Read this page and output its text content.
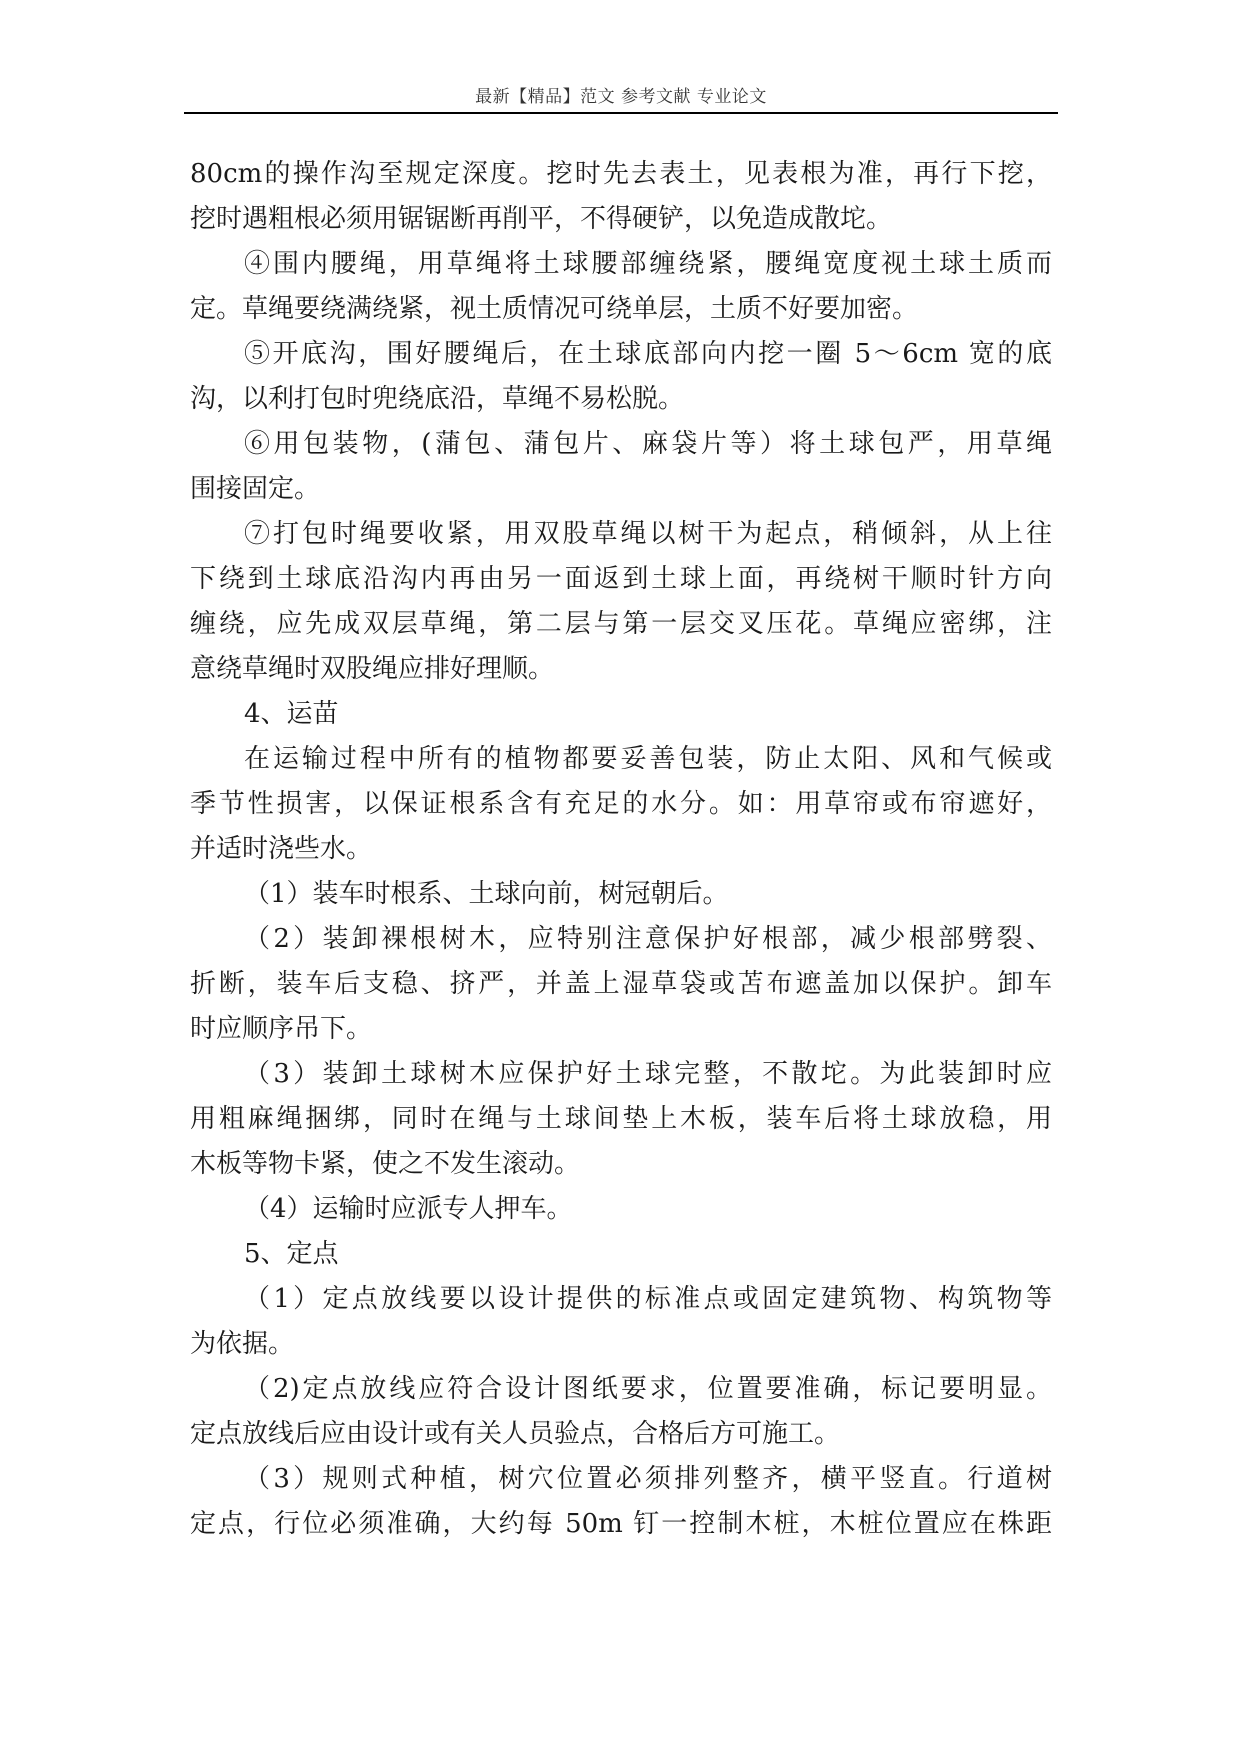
最新【精品】范文 参考文献 专业论文
80cm的操作沟至规定深度。挖时先去表土，见表根为准，再行下挖，
挖时遇粗根必须用锯锯断再削平，不得硬铲，以免造成散坨。
④围内腰绳，用草绳将土球腰部缠绕紧，腰绳宽度视土球土质而
定。草绳要绕满绕紧，视土质情况可绕单层，土质不好要加密。
⑤开底沟，围好腰绳后，在土球底部向内挖一圈 5～6cm 宽的底
沟，以利打包时兜绕底沿，草绳不易松脱。
⑥用包装物，(蒲包、蒲包片、麻袋片等）将土球包严，用草绳
围接固定。
⑦打包时绳要收紧，用双股草绳以树干为起点，稍倾斜，从上往
下绕到土球底沿沟内再由另一面返到土球上面，再绕树干顺时针方向
缠绕，应先成双层草绳，第二层与第一层交叉压花。草绳应密绑，注
意绕草绳时双股绳应排好理顺。
4、运苗
在运输过程中所有的植物都要妥善包装，防止太阳、风和气候或
季节性损害，以保证根系含有充足的水分。如：用草帘或布帘遮好，
并适时浇些水。
（1）装车时根系、土球向前，树冠朝后。
（2）装卸裸根树木，应特别注意保护好根部，减少根部劈裂、
折断，装车后支稳、挤严，并盖上湿草袋或苫布遮盖加以保护。卸车
时应顺序吊下。
（3）装卸土球树木应保护好土球完整，不散坨。为此装卸时应
用粗麻绳捆绑，同时在绳与土球间垫上木板，装车后将土球放稳，用
木板等物卡紧，使之不发生滚动。
（4）运输时应派专人押车。
5、定点
（1）定点放线要以设计提供的标准点或固定建筑物、构筑物等
为依据。
（2)定点放线应符合设计图纸要求，位置要准确，标记要明显。
定点放线后应由设计或有关人员验点，合格后方可施工。
（3）规则式种植，树穴位置必须排列整齐，横平竖直。行道树
定点，行位必须准确，大约每 50m 钉一控制木桩，木桩位置应在株距
